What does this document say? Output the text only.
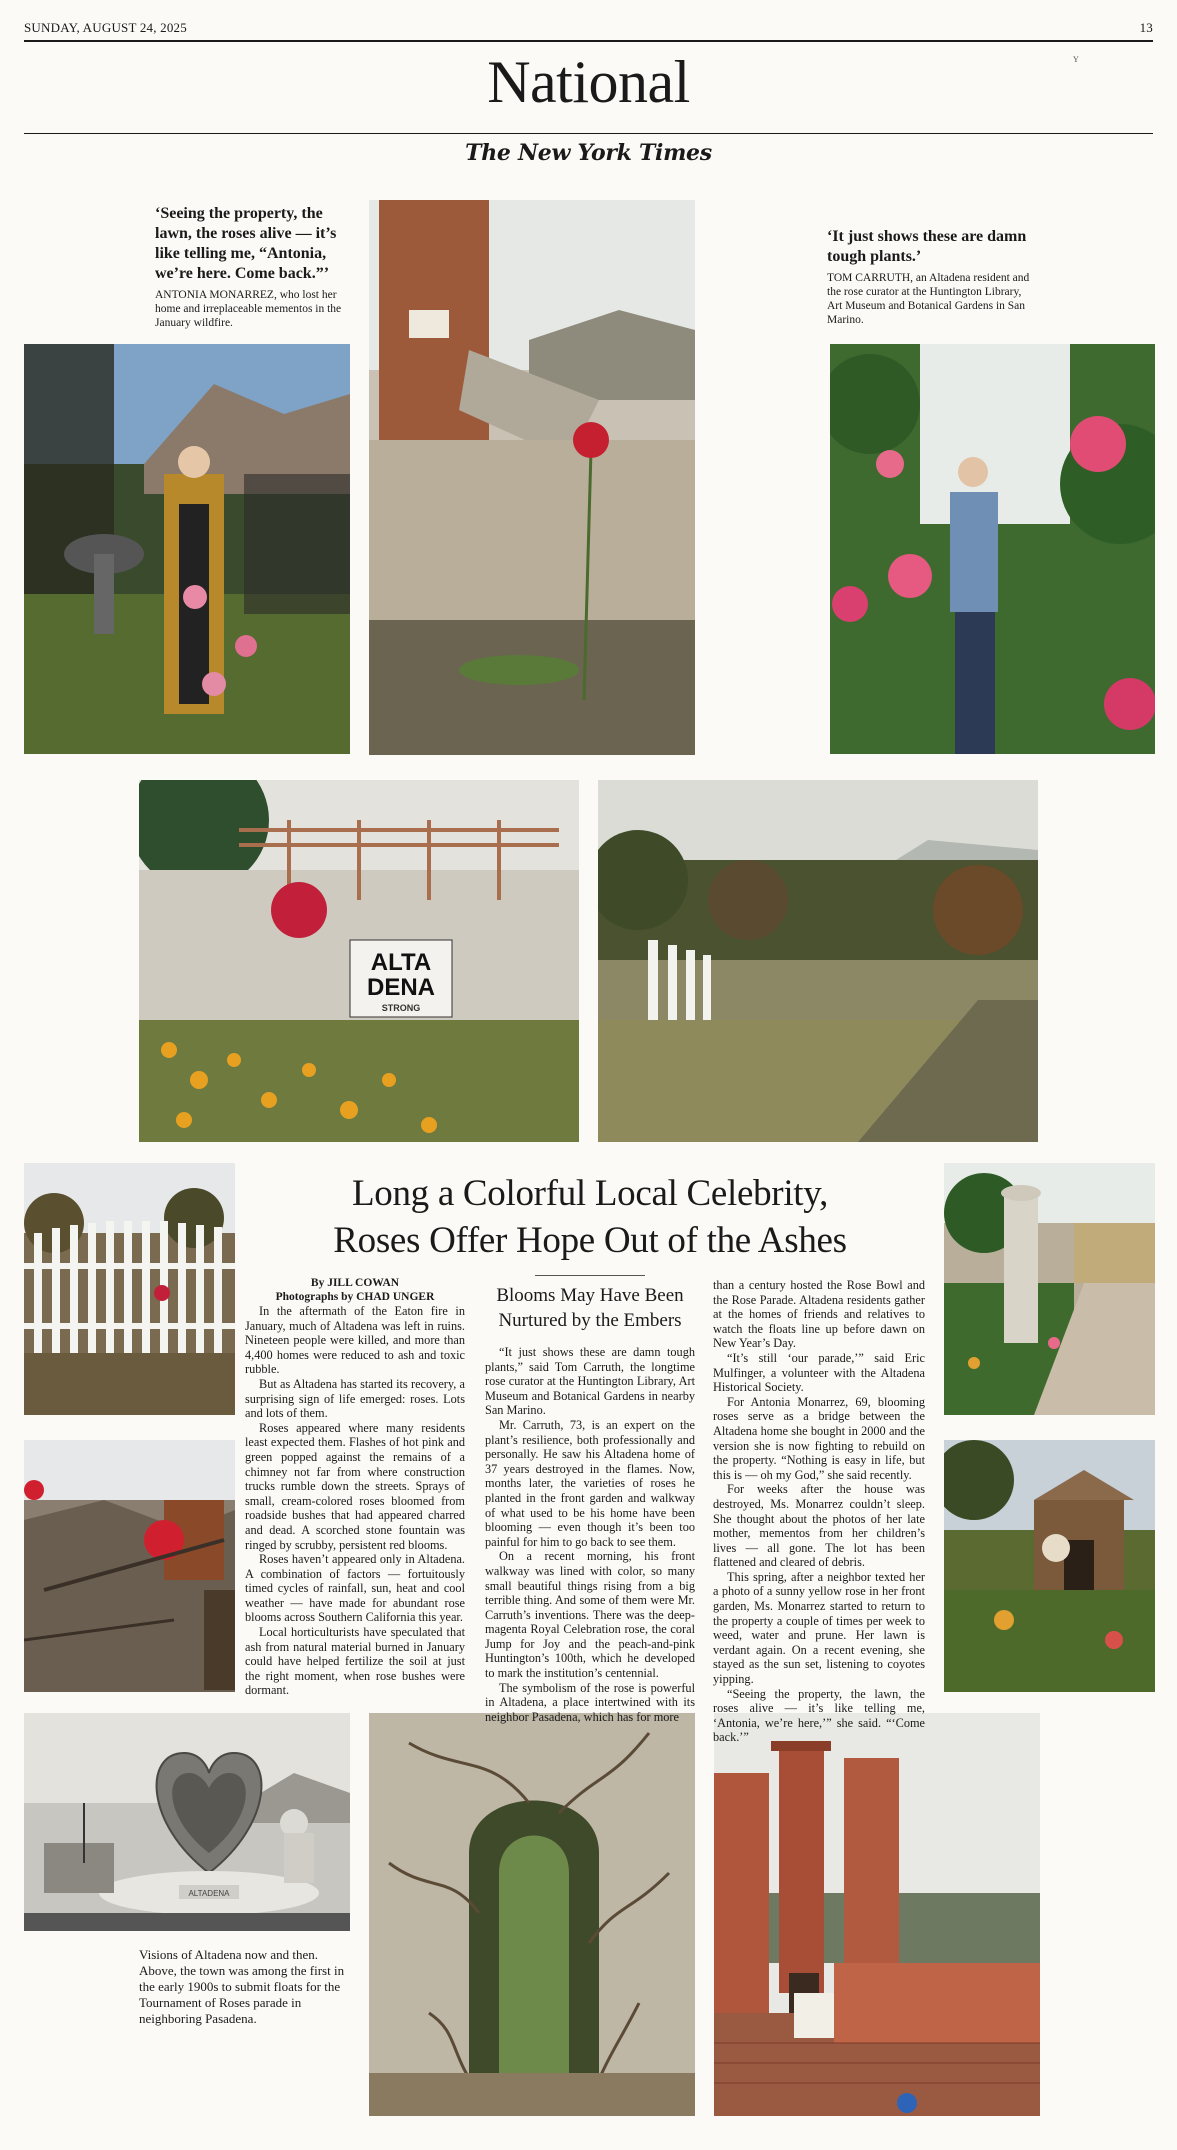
SUNDAY, AUGUST 24, 2025	13
National	Y
The New York Times
‘Seeing the property, the lawn, the roses alive — it’s like telling me, “Antonia, we’re here. Come back.”’
ANTONIA MONARREZ, who lost her home and irreplaceable mementos in the January wildfire.
‘It just shows these are damn tough plants.’
TOM CARRUTH, an Altadena resident and the rose curator at the Huntington Library, Art Museum and Botanical Gardens in San Marino.
ALTA
DENA
STRONG
ALTADENA
Long a Colorful Local Celebrity,
Roses Offer Hope Out of the Ashes
By JILL COWAN
Photographs by CHAD UNGER

In the aftermath of the Eaton fire in January, much of Altadena was left in ruins. Nineteen people were killed, and more than 4,400 homes were reduced to ash and toxic rubble.

But as Altadena has started its recovery, a surprising sign of life emerged: roses. Lots and lots of them.

Roses appeared where many residents least expected them. Flashes of hot pink and green popped against the remains of a chimney not far from where construction trucks rumble down the streets. Sprays of small, cream-colored roses bloomed from roadside bushes that had appeared charred and dead. A scorched stone fountain was ringed by scrubby, persistent red blooms.

Roses haven’t appeared only in Altadena. A combination of factors — fortuitously timed cycles of rainfall, sun, heat and cool weather — have made for abundant rose blooms across Southern California this year.

Local horticulturists have speculated that ash from natural material burned in January could have helped fertilize the soil at just the right moment, when rose bushes were dormant.

Blooms May Have Been Nurtured by the Embers

“It just shows these are damn tough plants,” said Tom Carruth, the longtime rose curator at the Huntington Library, Art Museum and Botanical Gardens in nearby San Marino.

Mr. Carruth, 73, is an expert on the plant’s resilience, both professionally and personally. He saw his Altadena home of 37 years destroyed in the flames. Now, months later, the varieties of roses he planted in the front garden and walkway of what used to be his home have been blooming — even though it’s been too painful for him to go back to see them.

On a recent morning, his front walkway was lined with color, so many small beautiful things rising from a big terrible thing. And some of them were Mr. Carruth’s inventions. There was the deep-magenta Royal Celebration rose, the coral Jump for Joy and the peach-and-pink Huntington’s 100th, which he developed to mark the institution’s centennial.

The symbolism of the rose is powerful in Altadena, a place intertwined with its neighbor Pasadena, which has for more

than a century hosted the Rose Bowl and the Rose Parade. Altadena residents gather at the homes of friends and relatives to watch the floats line up before dawn on New Year’s Day.

“It’s still ‘our parade,’” said Eric Mulfinger, a volunteer with the Altadena Historical Society.

For Antonia Monarrez, 69, blooming roses serve as a bridge between the Altadena home she bought in 2000 and the version she is now fighting to rebuild on the property. “Nothing is easy in life, but this is — oh my God,” she said recently.

For weeks after the house was destroyed, Ms. Monarrez couldn’t sleep. She thought about the photos of her late mother, mementos from her children’s lives — all gone. The lot has been flattened and cleared of debris.

This spring, after a neighbor texted her a photo of a sunny yellow rose in her front garden, Ms. Monarrez started to return to the property a couple of times per week to weed, water and prune. Her lawn is verdant again. On a recent evening, she stayed as the sun set, listening to coyotes yipping.

“Seeing the property, the lawn, the roses alive — it’s like telling me, ‘Antonia, we’re here,’” she said. “‘Come back.’”

Visions of Altadena now and then. Above, the town was among the first in the early 1900s to submit floats for the Tournament of Roses parade in neighboring Pasadena.
